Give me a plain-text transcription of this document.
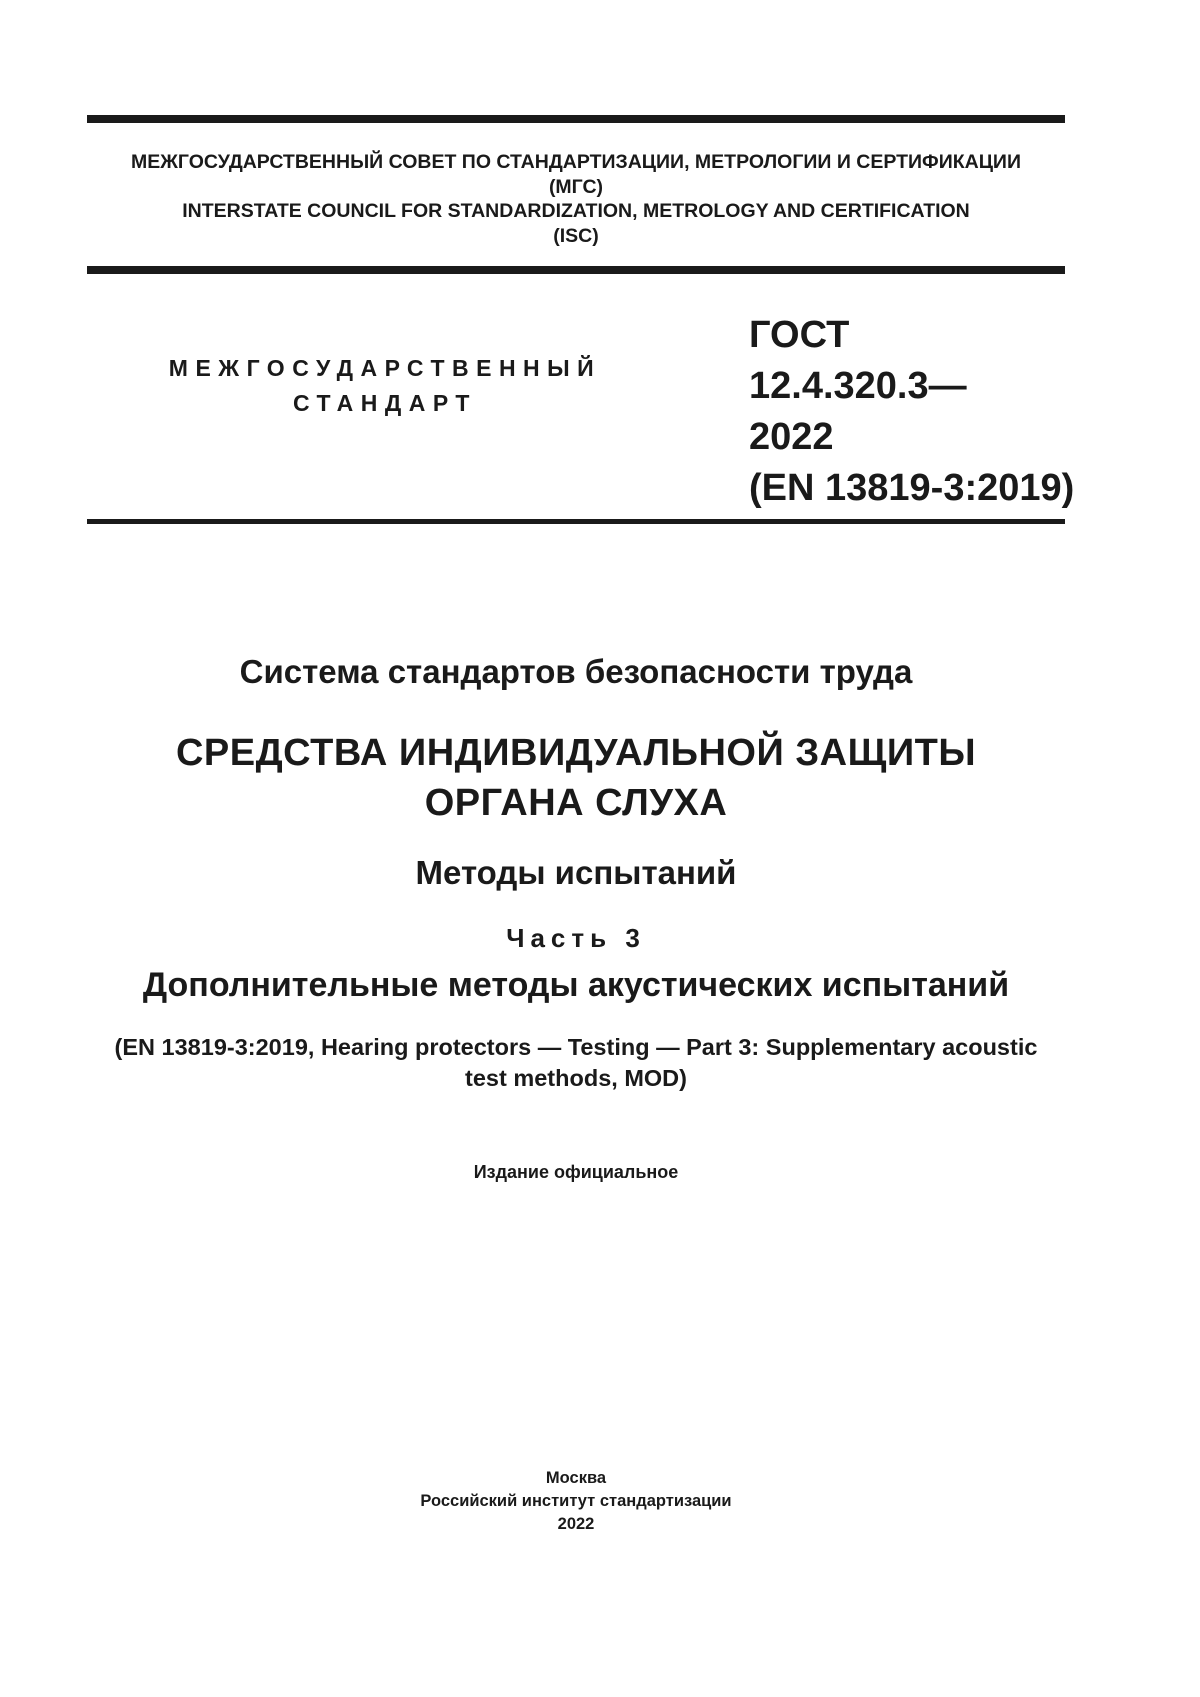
МЕЖГОСУДАРСТВЕННЫЙ СОВЕТ ПО СТАНДАРТИЗАЦИИ, МЕТРОЛОГИИ И СЕРТИФИКАЦИИ
(МГС)
INTERSTATE COUNCIL FOR STANDARDIZATION, METROLOGY AND CERTIFICATION
(ISC)
МЕЖГОСУДАРСТВЕННЫЙ
СТАНДАРТ
ГОСТ
12.4.320.3—
2022
(EN 13819-3:2019)
Система стандартов безопасности труда
СРЕДСТВА ИНДИВИДУАЛЬНОЙ ЗАЩИТЫ
ОРГАНА СЛУХА
Методы испытаний
Часть 3
Дополнительные методы акустических испытаний
(EN 13819-3:2019, Hearing protectors — Testing — Part 3: Supplementary acoustic
test methods, MOD)
Издание официальное
Москва
Российский институт стандартизации
2022
